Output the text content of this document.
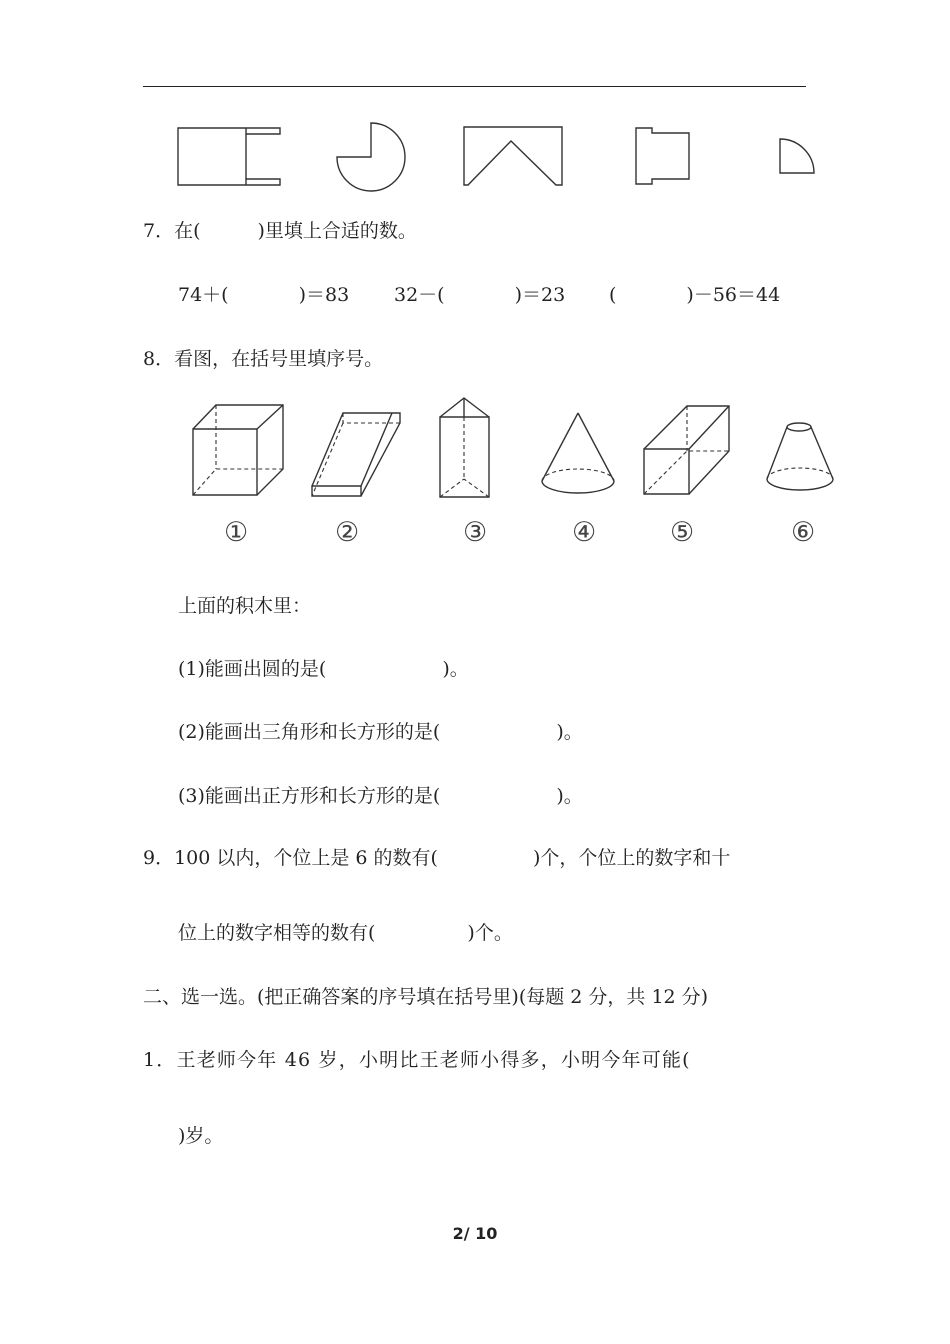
7．在(　　　)里填上合适的数。
74＋(	)＝83 32－(	)＝23 (	)－56＝44
8．看图，在括号里填序号。
①	②	③	④	⑤	⑥
上面的积木里：
(1)能画出圆的是(	)。
(2)能画出三角形和长方形的是(	)。
(3)能画出正方形和长方形的是(	)。
9．100 以内，个位上是 6 的数有(	)个，个位上的数字和十
位上的数字相等的数有(	)个。
二、选一选。(把正确答案的序号填在括号里)(每题 2 分，共 12 分)
1．王老师今年 46 岁，小明比王老师小得多，小明今年可能(
)岁。
2/ 10
